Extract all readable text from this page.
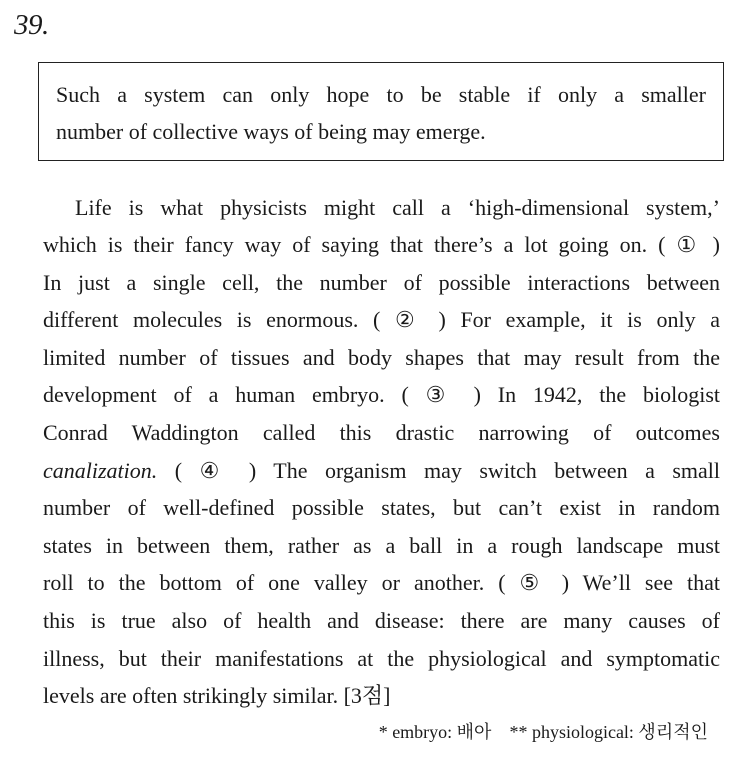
39.
Such a system can only hope to be stable if only a smaller
number of collective ways of being may emerge.
Life is what physicists might call a ‘high-dimensional system,’
which is their fancy way of saying that there’s a lot going on. ( ① )
In just a single cell, the number of possible interactions between
different molecules is enormous. ( ② ) For example, it is only a
limited number of tissues and body shapes that may result from the
development of a human embryo. ( ③ ) In 1942, the biologist
Conrad Waddington called this drastic narrowing of outcomes
canalization. ( ④ ) The organism may switch between a small
number of well-defined possible states, but can’t exist in random
states in between them, rather as a ball in a rough landscape must
roll to the bottom of one valley or another. ( ⑤ ) We’ll see that
this is true also of health and disease: there are many causes of
illness, but their manifestations at the physiological and symptomatic
levels are often strikingly similar. [3점]
* embryo: 배아    ** physiological: 생리적인
